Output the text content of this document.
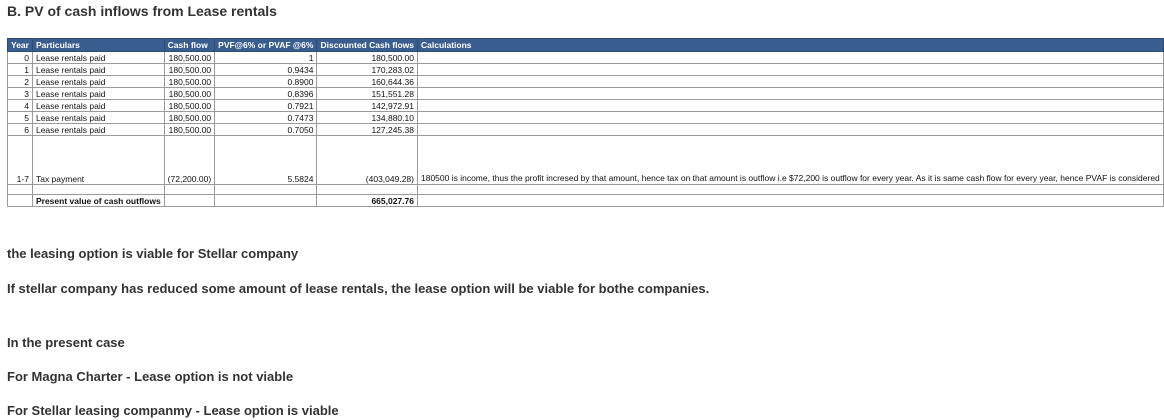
B. PV of cash inflows from Lease rentals
Year	Particulars	Cash flow	PVF@6% or PVAF @6%	Discounted Cash flows	Calculations
0	Lease rentals paid	180,500.00	1	180,500.00	
1	Lease rentals paid	180,500.00	0.9434	170,283.02	
2	Lease rentals paid	180,500.00	0.8900	160,644.36	
3	Lease rentals paid	180,500.00	0.8396	151,551.28	
4	Lease rentals paid	180,500.00	0.7921	142,972.91	
5	Lease rentals paid	180,500.00	0.7473	134,880.10	
6	Lease rentals paid	180,500.00	0.7050	127,245.38	
1-7	Tax payment	(72,200.00)	5.5824	(403,049.28)	180500 is income, thus the profit incresed by that amount, hence tax on that amount is outflow i.e $72,200 is outflow for every year. As it is same cash flow for every year, hence PVAF is considered

	Present value of cash outflows			665,027.76	
the leasing option is viable for Stellar company
If stellar company has reduced some amount of lease rentals, the lease option will be viable for bothe companies.
In the present case
For Magna Charter - Lease option is not viable
For Stellar leasing companmy - Lease option is viable
